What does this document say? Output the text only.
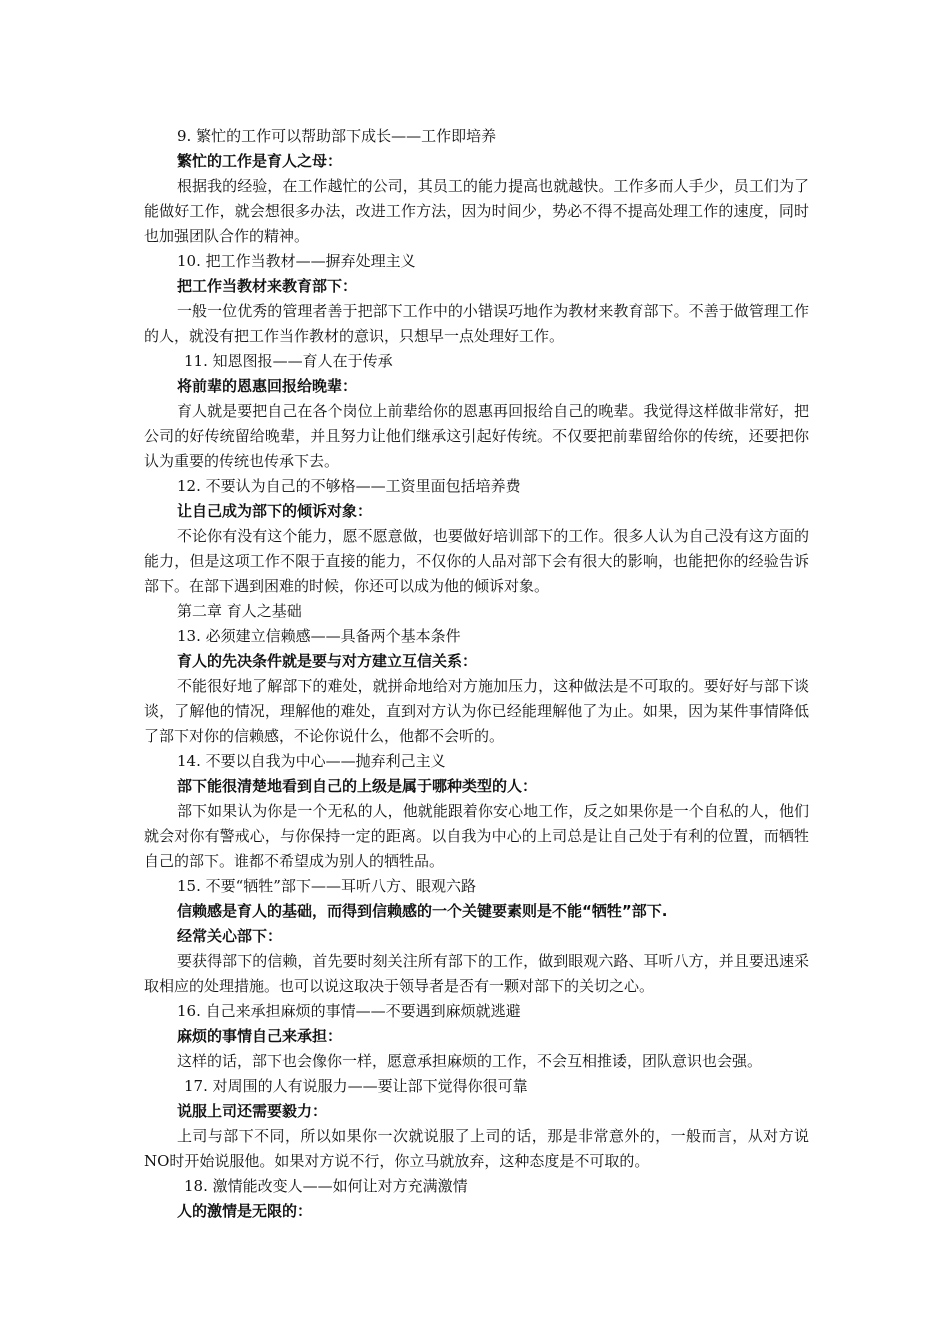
9. 繁忙的工作可以帮助部下成长——工作即培养

繁忙的工作是育人之母：

根据我的经验，在工作越忙的公司，其员工的能力提高也就越快。工作多而人手少，员工们为了能做好工作，就会想很多办法，改进工作方法，因为时间少，势必不得不提高处理工作的速度，同时也加强团队合作的精神。

10. 把工作当教材——摒弃处理主义

把工作当教材来教育部下：

一般一位优秀的管理者善于把部下工作中的小错误巧地作为教材来教育部下。不善于做管理工作的人，就没有把工作当作教材的意识，只想早一点处理好工作。

11. 知恩图报——育人在于传承

将前辈的恩惠回报给晚辈：

育人就是要把自己在各个岗位上前辈给你的恩惠再回报给自己的晚辈。我觉得这样做非常好，把公司的好传统留给晚辈，并且努力让他们继承这引起好传统。不仅要把前辈留给你的传统，还要把你认为重要的传统也传承下去。

12. 不要认为自己的不够格——工资里面包括培养费

让自己成为部下的倾诉对象：

不论你有没有这个能力，愿不愿意做，也要做好培训部下的工作。很多人认为自己没有这方面的能力，但是这项工作不限于直接的能力，不仅你的人品对部下会有很大的影响，也能把你的经验告诉部下。在部下遇到困难的时候，你还可以成为他的倾诉对象。

第二章 育人之基础

13. 必须建立信赖感——具备两个基本条件

育人的先决条件就是要与对方建立互信关系：

不能很好地了解部下的难处，就拼命地给对方施加压力，这种做法是不可取的。要好好与部下谈谈，了解他的情况，理解他的难处，直到对方认为你已经能理解他了为止。如果，因为某件事情降低了部下对你的信赖感，不论你说什么，他都不会听的。

14. 不要以自我为中心——抛弃利己主义

部下能很清楚地看到自己的上级是属于哪种类型的人：

部下如果认为你是一个无私的人，他就能跟着你安心地工作，反之如果你是一个自私的人，他们就会对你有警戒心，与你保持一定的距离。以自我为中心的上司总是让自己处于有利的位置，而牺牲自己的部下。谁都不希望成为别人的牺牲品。

15. 不要“牺牲”部下——耳听八方、眼观六路

信赖感是育人的基础，而得到信赖感的一个关键要素则是不能“牺牲”部下.

经常关心部下：

要获得部下的信赖，首先要时刻关注所有部下的工作，做到眼观六路、耳听八方，并且要迅速采取相应的处理措施。也可以说这取决于领导者是否有一颗对部下的关切之心。

16. 自己来承担麻烦的事情——不要遇到麻烦就逃避

麻烦的事情自己来承担：

这样的话，部下也会像你一样，愿意承担麻烦的工作，不会互相推诿，团队意识也会强。

17. 对周围的人有说服力——要让部下觉得你很可靠

说服上司还需要毅力：

上司与部下不同，所以如果你一次就说服了上司的话，那是非常意外的，一般而言，从对方说NO时开始说服他。如果对方说不行，你立马就放弃，这种态度是不可取的。

18. 激情能改变人——如何让对方充满激情

人的激情是无限的：
